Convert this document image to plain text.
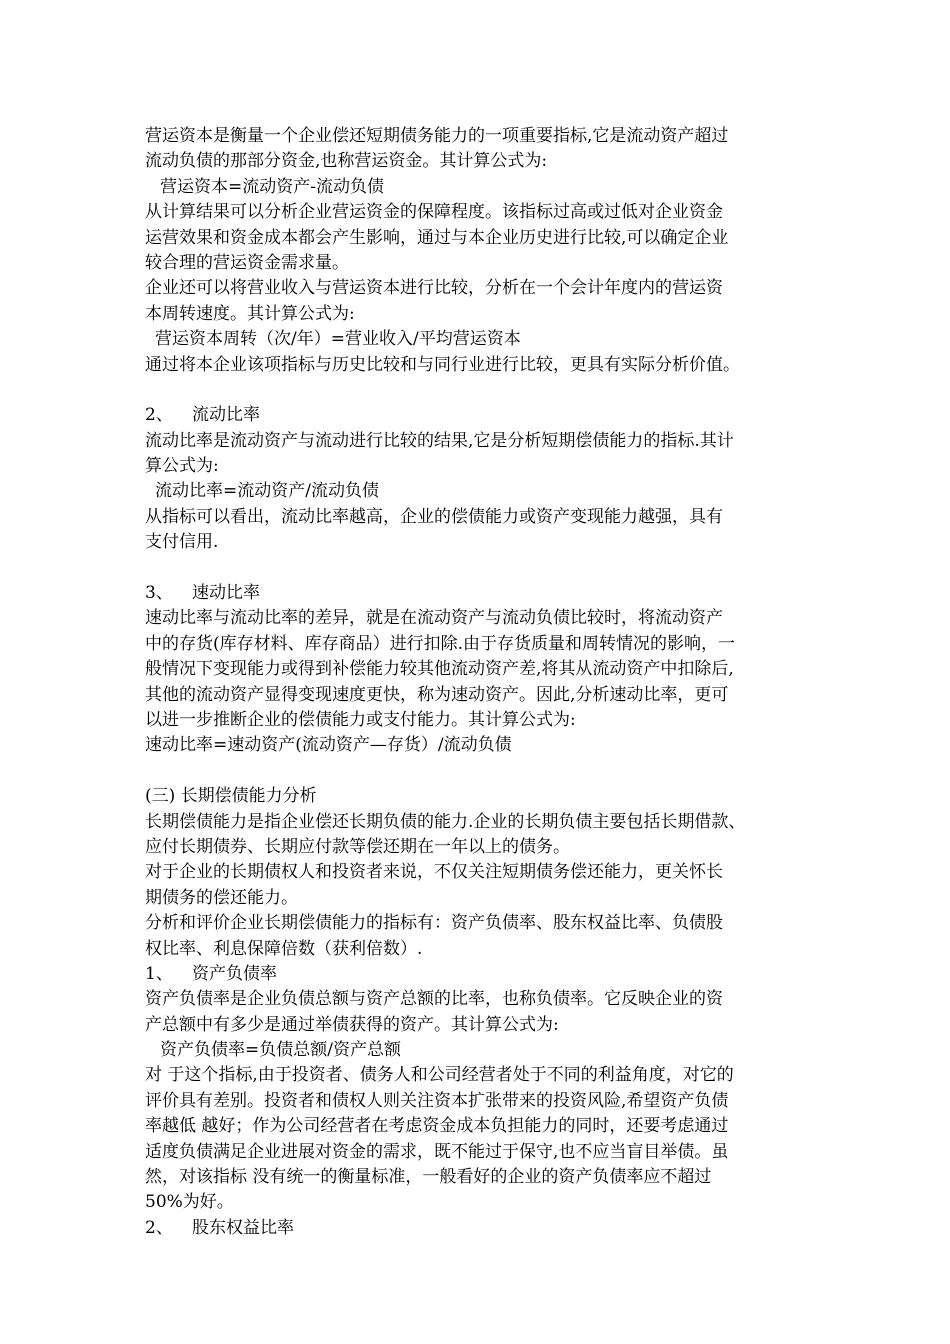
营运资本是衡量一个企业偿还短期债务能力的一项重要指标,它是流动资产超过
流动负债的那部分资金,也称营运资金。其计算公式为:
营运资本=流动资产-流动负债
从计算结果可以分析企业营运资金的保障程度。该指标过高或过低对企业资金
运营效果和资金成本都会产生影响，通过与本企业历史进行比较,可以确定企业
较合理的营运资金需求量。
企业还可以将营业收入与营运资本进行比较，分析在一个会计年度内的营运资
本周转速度。其计算公式为:
营运资本周转（次/年）=营业收入/平均营运资本
通过将本企业该项指标与历史比较和与同行业进行比较，更具有实际分析价值。
2、 流动比率
流动比率是流动资产与流动进行比较的结果,它是分析短期偿债能力的指标.其计
算公式为:
流动比率=流动资产/流动负债
从指标可以看出，流动比率越高，企业的偿债能力或资产变现能力越强，具有
支付信用.
3、 速动比率
速动比率与流动比率的差异，就是在流动资产与流动负债比较时，将流动资产
中的存货(库存材料、库存商品）进行扣除.由于存货质量和周转情况的影响，一
般情况下变现能力或得到补偿能力较其他流动资产差,将其从流动资产中扣除后,
其他的流动资产显得变现速度更快，称为速动资产。因此,分析速动比率，更可
以进一步推断企业的偿债能力或支付能力。其计算公式为:
速动比率=速动资产(流动资产—存货）/流动负债
(三) 长期偿债能力分析
长期偿债能力是指企业偿还长期负债的能力.企业的长期负债主要包括长期借款、
应付长期债券、长期应付款等偿还期在一年以上的债务。
对于企业的长期债权人和投资者来说，不仅关注短期债务偿还能力，更关怀长
期债务的偿还能力。
分析和评价企业长期偿债能力的指标有：资产负债率、股东权益比率、负债股
权比率、利息保障倍数（获利倍数）.
1、 资产负债率
资产负债率是企业负债总额与资产总额的比率，也称负债率。它反映企业的资
产总额中有多少是通过举债获得的资产。其计算公式为:
资产负债率=负债总额/资产总额
对 于这个指标,由于投资者、债务人和公司经营者处于不同的利益角度，对它的
评价具有差别。投资者和债权人则关注资本扩张带来的投资风险,希望资产负债
率越低 越好；作为公司经营者在考虑资金成本负担能力的同时，还要考虑通过
适度负债满足企业进展对资金的需求，既不能过于保守,也不应当盲目举债。虽
然，对该指标 没有统一的衡量标准，一般看好的企业的资产负债率应不超过
50%为好。
2、 股东权益比率
